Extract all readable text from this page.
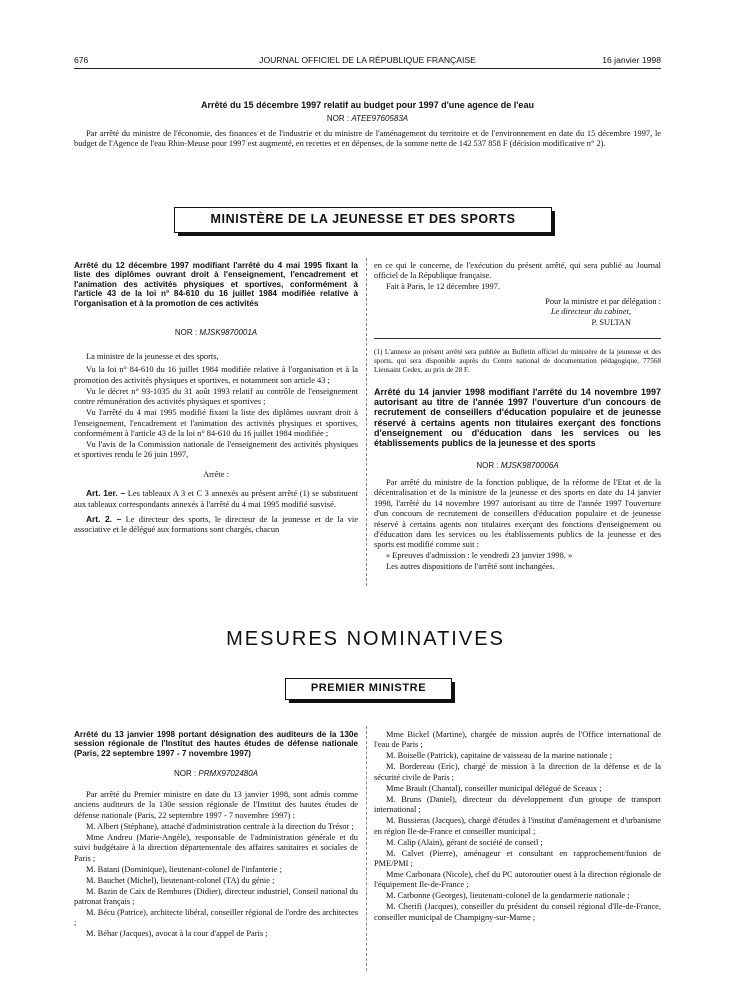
676	JOURNAL OFFICIEL DE LA RÉPUBLIQUE FRANÇAISE	16 janvier 1998
Arrêté du 15 décembre 1997 relatif au budget pour 1997 d'une agence de l'eau
NOR : ATEE9760583A

Par arrêté du ministre de l'économie, des finances et de l'industrie et du ministre de l'aménagement du territoire et de l'environnement en date du 15 décembre 1997, le budget de l'Agence de l'eau Rhin-Meuse pour 1997 est augmenté, en recettes et en dépenses, de la somme nette de 142 537 858 F (décision modificative n° 2).

MINISTÈRE DE LA JEUNESSE ET DES SPORTS
Arrêté du 12 décembre 1997 modifiant l'arrêté du 4 mai 1995 fixant la liste des diplômes ouvrant droit à l'enseignement, l'encadrement et l'animation des activités physiques et sportives, conformément à l'article 43 de la loi n° 84-610 du 16 juillet 1984 modifiée relative à l'organisation et à la promotion de ces activités
NOR : MJSK9870001A

La ministre de la jeunesse et des sports,

Vu la loi n° 84-610 du 16 juillet 1984 modifiée relative à l'organisation et à la promotion des activités physiques et sportives, et notamment son article 43 ;

Vu le décret n° 93-1035 du 31 août 1993 relatif au contrôle de l'enseignement contre rémunération des activités physiques et sportives ;

Vu l'arrêté du 4 mai 1995 modifié fixant la liste des diplômes ouvrant droit à l'enseignement, l'encadrement et l'animation des activités physiques et sportives, conformément à l'article 43 de la loi n° 84-610 du 16 juillet 1984 modifiée ;

Vu l'avis de la Commission nationale de l'enseignement des activités physiques et sportives rendu le 26 juin 1997,

Arrête :

Art. 1er. – Les tableaux A 3 et C 3 annexés au présent arrêté (1) se substituent aux tableaux correspondants annexés à l'arrêté du 4 mai 1995 modifié susvisé.

Art. 2. – Le directeur des sports, le directeur de la jeunesse et de la vie associative et le délégué aux formations sont chargés, chacun

en ce qui le concerne, de l'exécution du présent arrêté, qui sera publié au Journal officiel de la République française.

Fait à Paris, le 12 décembre 1997.

Pour la ministre et par délégation :
Le directeur du cabinet,
P. SULTAN
(1) L'annexe au présent arrêté sera publiée au Bulletin officiel du ministère de la jeunesse et des sports, qui sera disponible auprès du Centre national de documentation pédagogique, 77568 Lieusaint Cedex, au prix de 28 F.
Arrêté du 14 janvier 1998 modifiant l'arrêté du 14 novembre 1997 autorisant au titre de l'année 1997 l'ouverture d'un concours de recrutement de conseillers d'éducation populaire et de jeunesse réservé à certains agents non titulaires exerçant des fonctions d'enseignement ou d'éducation dans les services ou les établissements publics de la jeunesse et des sports
NOR : MJSK9870006A

Par arrêté du ministre de la fonction publique, de la réforme de l'Etat et de la décentralisation et de la ministre de la jeunesse et des sports en date du 14 janvier 1998, l'arrêté du 14 novembre 1997 autorisant au titre de l'année 1997 l'ouverture d'un concours de recrutement de conseillers d'éducation populaire et de jeunesse réservé à certains agents non titulaires exerçant des fonctions d'enseignement ou d'éducation dans les services ou les établissements publics de la jeunesse et des sports est modifié comme suit :

« Epreuves d'admission : le vendredi 23 janvier 1998. »

Les autres dispositions de l'arrêté sont inchangées.

MESURES NOMINATIVES
PREMIER MINISTRE
Arrêté du 13 janvier 1998 portant désignation des auditeurs de la 130e session régionale de l'Institut des hautes études de défense nationale (Paris, 22 septembre 1997 - 7 novembre 1997)
NOR : PRMX9702480A

Par arrêté du Premier ministre en date du 13 janvier 1998, sont admis comme anciens auditeurs de la 130e session régionale de l'Institut des hautes études de défense nationale (Paris, 22 septembre 1997 - 7 novembre 1997) :

M. Albert (Stéphane), attaché d'administration centrale à la direction du Trésor ;

Mme Andreu (Marie-Angèle), responsable de l'administration générale et du suivi budgétaire à la direction départementale des affaires sanitaires et sociales de Paris ;

M. Batani (Dominique), lieutenant-colonel de l'infanterie ;

M. Bauchet (Michel), lieutenant-colonel (TA) du génie ;

M. Bazin de Caix de Rembures (Didier), directeur industriel, Conseil national du patronat français ;

M. Bécu (Patrice), architecte libéral, conseiller régional de l'ordre des architectes ;

M. Béhar (Jacques), avocat à la cour d'appel de Paris ;

Mme Bickel (Martine), chargée de mission auprès de l'Office international de l'eau de Paris ;

M. Boiselle (Patrick), capitaine de vaisseau de la marine nationale ;

M. Bordereau (Eric), chargé de mission à la direction de la défense et de la sécurité civile de Paris ;

Mme Brault (Chantal), conseiller municipal délégué de Sceaux ;

M. Bruns (Daniel), directeur du développement d'un groupe de transport international ;

M. Bussieras (Jacques), chargé d'études à l'institut d'aménagement et d'urbanisme en région Ile-de-France et conseiller municipal ;

M. Calip (Alain), gérant de société de conseil ;

M. Calvet (Pierre), aménageur et consultant en rapprochement/fusion de PME/PMI ;

Mme Carbonara (Nicole), chef du PC autoroutier ouest à la direction régionale de l'équipement Ile-de-France ;

M. Carbonne (Georges), lieutenant-colonel de la gendarmerie nationale ;

M. Cherifi (Jacques), conseiller du président du conseil régional d'Ile-de-France, conseiller municipal de Champigny-sur-Marne ;
